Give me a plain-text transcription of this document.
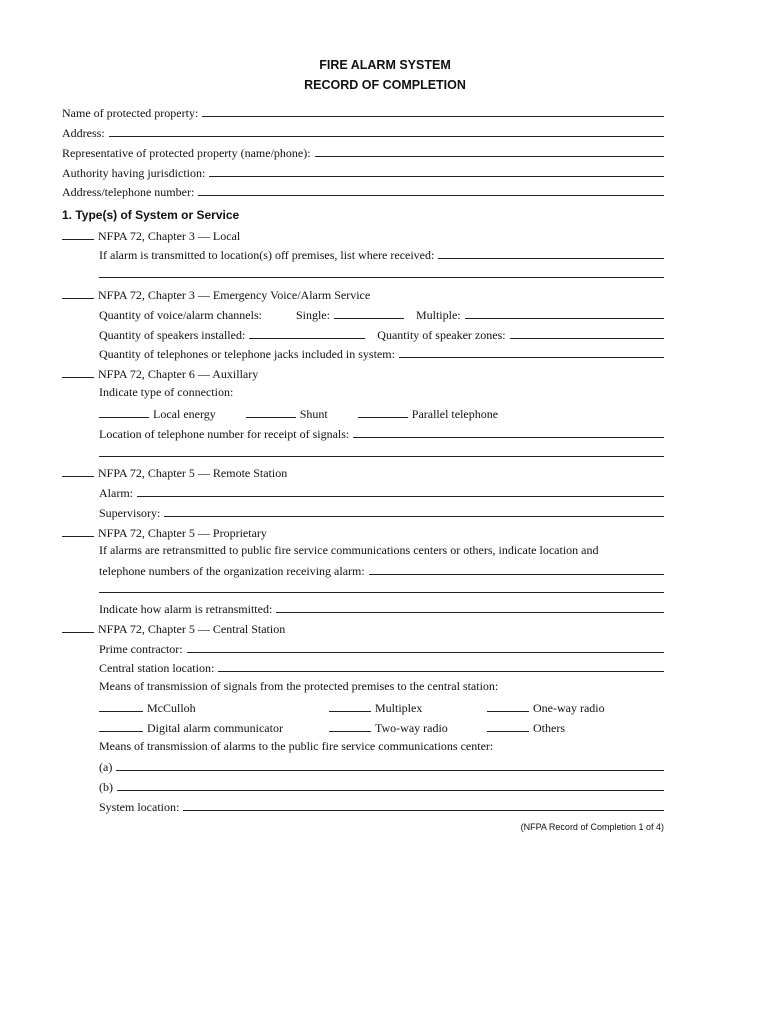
FIRE ALARM SYSTEM
RECORD OF COMPLETION
Name of protected property:
Address:
Representative of protected property (name/phone):
Authority having jurisdiction:
Address/telephone number:
1. Type(s) of System or Service
NFPA 72, Chapter 3 — Local
If alarm is transmitted to location(s) off premises, list where received:
NFPA 72, Chapter 3 — Emergency Voice/Alarm Service
Quantity of voice/alarm channels:	Single:	Multiple:
Quantity of speakers installed:	Quantity of speaker zones:
Quantity of telephones or telephone jacks included in system:
NFPA 72, Chapter 6 — Auxillary
Indicate type of connection:
Local energy	Shunt	Parallel telephone
Location of telephone number for receipt of signals:
NFPA 72, Chapter 5 — Remote Station
Alarm:
Supervisory:
NFPA 72, Chapter 5 — Proprietary
If alarms are retransmitted to public fire service communications centers or others, indicate location and
telephone numbers of the organization receiving alarm:
Indicate how alarm is retransmitted:
NFPA 72, Chapter 5 — Central Station
Prime contractor:
Central station location:
Means of transmission of signals from the protected premises to the central station:
McCulloh	Multiplex	One-way radio
Digital alarm communicator	Two-way radio	Others
Means of transmission of alarms to the public fire service communications center:
(a)
(b)
System location:
(NFPA Record of Completion 1 of 4)
